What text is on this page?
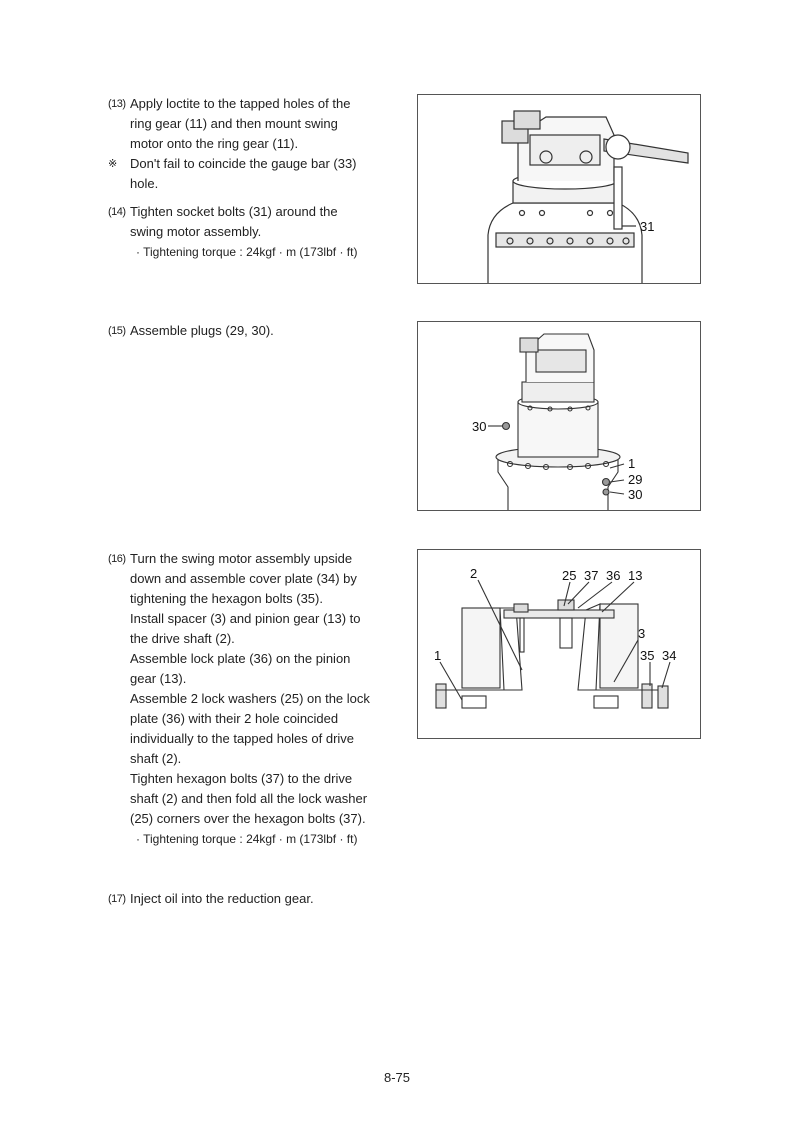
(13) Apply loctite to the tapped holes of the
ring gear (11) and then mount swing
motor onto the ring gear (11).
※ Don't fail to coincide the gauge bar (33)
hole.
(14) Tighten socket bolts (31) around the
swing motor assembly.
· Tightening torque : 24kgf · m (173lbf · ft)
(15) Assemble plugs (29, 30).
(16) Turn the swing motor assembly upside
down and assemble cover plate (34) by
tightening the hexagon bolts (35).
Install spacer (3) and pinion gear (13) to
the drive shaft (2).
Assemble lock plate (36) on the pinion
gear (13).
Assemble 2 lock washers (25) on the lock
plate (36) with their 2 hole coincided
individually to the tapped holes of drive
shaft (2).
Tighten hexagon bolts (37) to the drive
shaft (2) and then fold all the lock washer
(25) corners over the hexagon bolts (37).
· Tightening torque : 24kgf · m (173lbf · ft)
(17) Inject oil into the reduction gear.
31
30
1
29
30
2	25 37 36 13
3
1	35 34
8-75
